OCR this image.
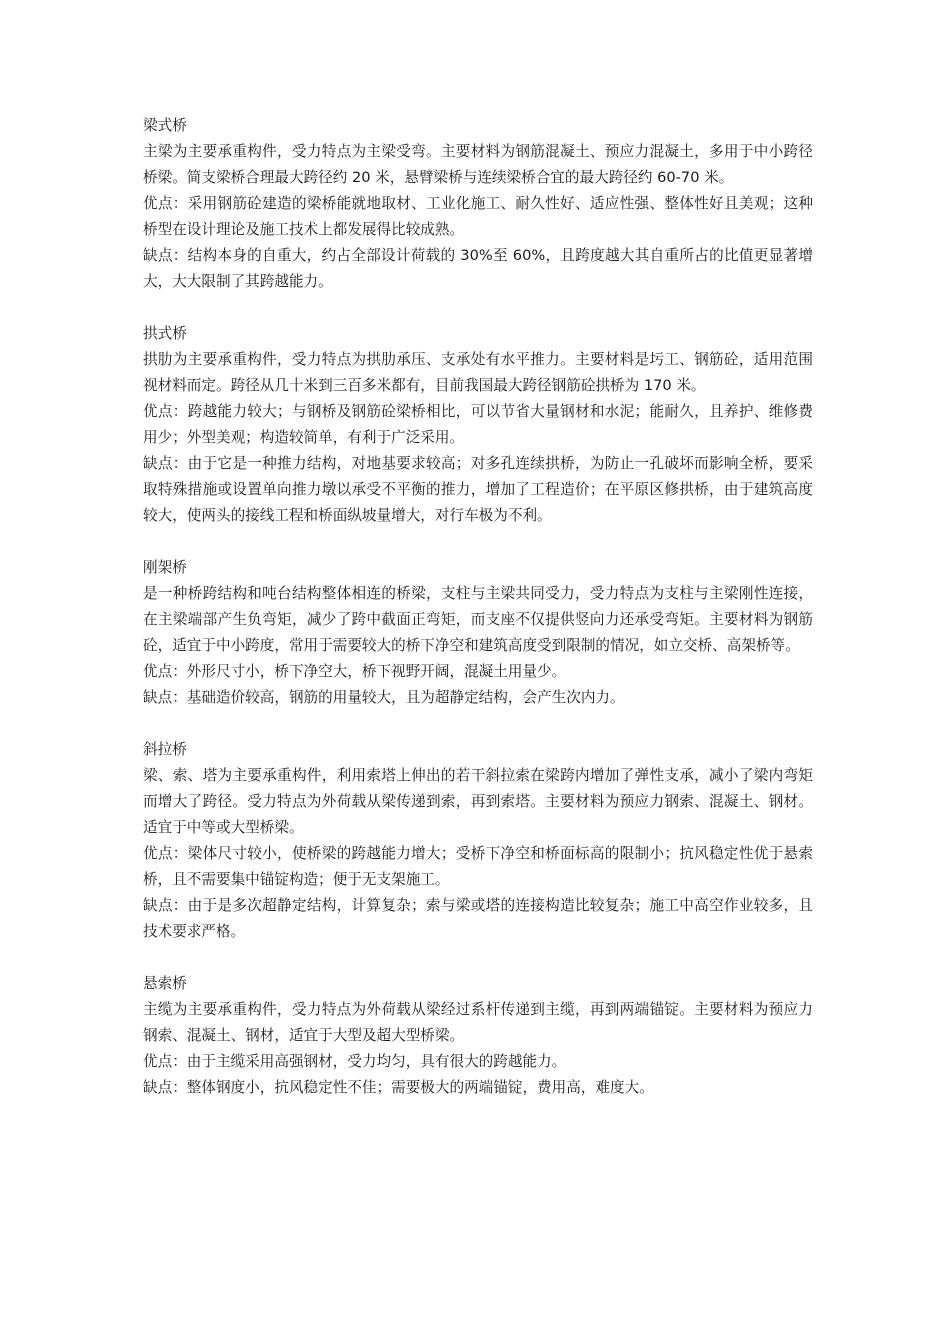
梁式桥

主梁为主要承重构件，受力特点为主梁受弯。主要材料为钢筋混凝土、预应力混凝土，多用于中小跨径桥梁。简支梁桥合理最大跨径约 20 米，悬臂梁桥与连续梁桥合宜的最大跨径约 60-70 米。

优点：采用钢筋砼建造的梁桥能就地取材、工业化施工、耐久性好、适应性强、整体性好且美观；这种桥型在设计理论及施工技术上都发展得比较成熟。

缺点：结构本身的自重大，约占全部设计荷载的 30%至 60%，且跨度越大其自重所占的比值更显著增大，大大限制了其跨越能力。

拱式桥

拱肋为主要承重构件，受力特点为拱肋承压、支承处有水平推力。主要材料是圬工、钢筋砼，适用范围视材料而定。跨径从几十米到三百多米都有，目前我国最大跨径钢筋砼拱桥为 170 米。

优点：跨越能力较大；与钢桥及钢筋砼梁桥相比，可以节省大量钢材和水泥；能耐久，且养护、维修费用少；外型美观；构造较简单，有利于广泛采用。

缺点：由于它是一种推力结构，对地基要求较高；对多孔连续拱桥，为防止一孔破坏而影响全桥，要采取特殊措施或设置单向推力墩以承受不平衡的推力，增加了工程造价；在平原区修拱桥，由于建筑高度较大，使两头的接线工程和桥面纵坡量增大，对行车极为不利。

刚架桥

是一种桥跨结构和吨台结构整体相连的桥梁，支柱与主梁共同受力，受力特点为支柱与主梁刚性连接，在主梁端部产生负弯矩，减少了跨中截面正弯矩，而支座不仅提供竖向力还承受弯矩。主要材料为钢筋砼，适宜于中小跨度，常用于需要较大的桥下净空和建筑高度受到限制的情况，如立交桥、高架桥等。

优点：外形尺寸小，桥下净空大，桥下视野开阔，混凝土用量少。

缺点：基础造价较高，钢筋的用量较大，且为超静定结构，会产生次内力。

斜拉桥

梁、索、塔为主要承重构件，利用索塔上伸出的若干斜拉索在梁跨内增加了弹性支承，减小了梁内弯矩而增大了跨径。受力特点为外荷载从梁传递到索，再到索塔。主要材料为预应力钢索、混凝土、钢材。适宜于中等或大型桥梁。

优点：梁体尺寸较小，使桥梁的跨越能力增大；受桥下净空和桥面标高的限制小；抗风稳定性优于悬索桥，且不需要集中锚锭构造；便于无支架施工。

缺点：由于是多次超静定结构，计算复杂；索与梁或塔的连接构造比较复杂；施工中高空作业较多，且技术要求严格。

悬索桥

主缆为主要承重构件，受力特点为外荷载从梁经过系杆传递到主缆，再到两端锚锭。主要材料为预应力钢索、混凝土、钢材，适宜于大型及超大型桥梁。

优点：由于主缆采用高强钢材，受力均匀，具有很大的跨越能力。

缺点：整体钢度小，抗风稳定性不佳；需要极大的两端锚锭，费用高，难度大。
